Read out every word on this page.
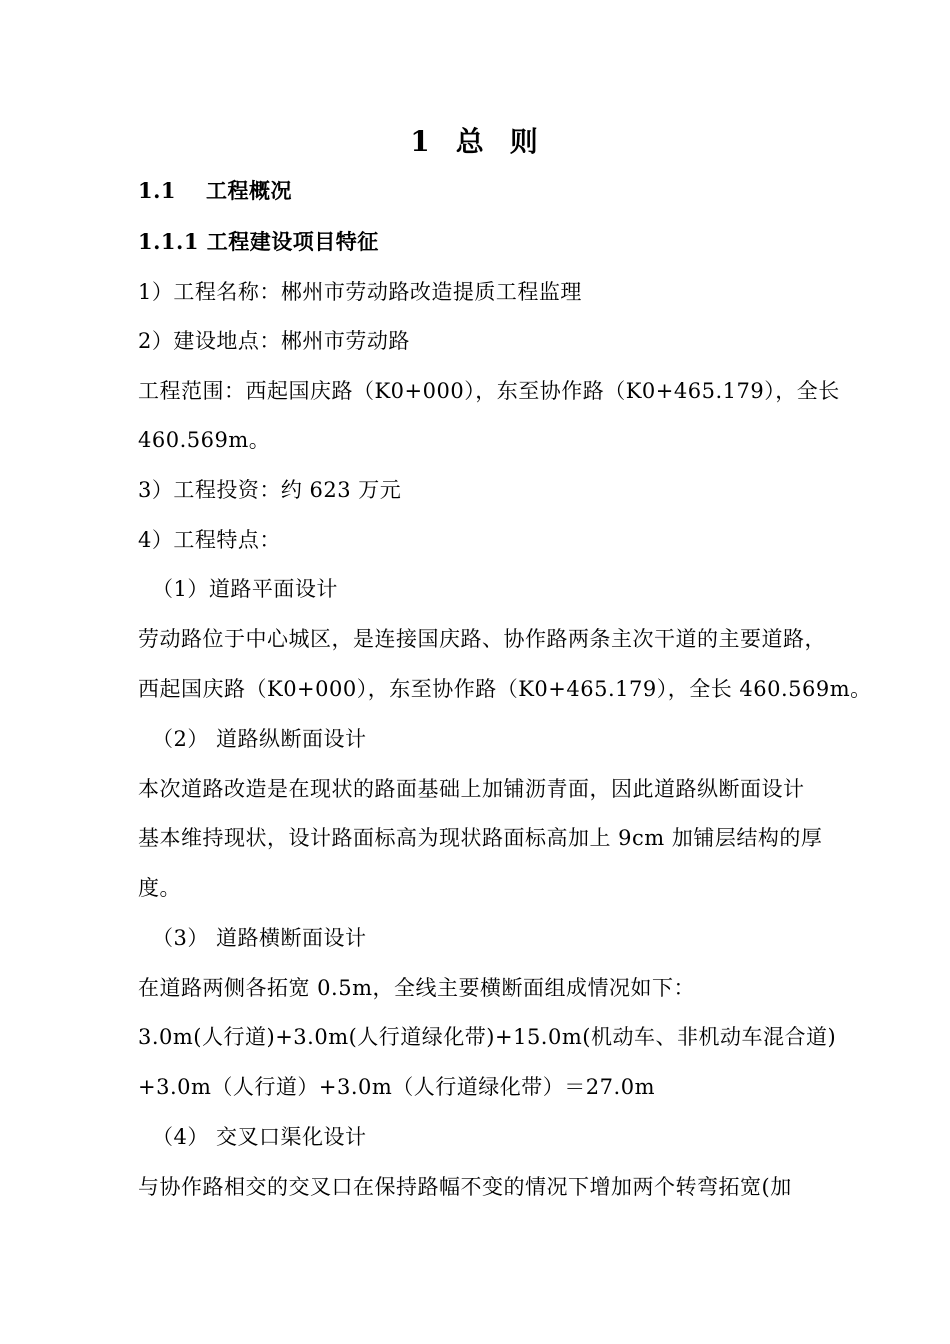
1 总 则
1.1 工程概况
1.1.1 工程建设项目特征
1）工程名称：郴州市劳动路改造提质工程监理
2）建设地点：郴州市劳动路
工程范围：西起国庆路（K0+000），东至协作路（K0+465.179），全长
460.569m。
3）工程投资：约 623 万元
4）工程特点：
（1）道路平面设计
劳动路位于中心城区，是连接国庆路、协作路两条主次干道的主要道路，
西起国庆路（K0+000），东至协作路（K0+465.179），全长 460.569m。
（2） 道路纵断面设计
本次道路改造是在现状的路面基础上加铺沥青面，因此道路纵断面设计
基本维持现状，设计路面标高为现状路面标高加上 9cm 加铺层结构的厚
度。
（3） 道路横断面设计
在道路两侧各拓宽 0.5m，全线主要横断面组成情况如下：
3.0m(人行道)+3.0m(人行道绿化带)+15.0m(机动车、非机动车混合道)
+3.0m（人行道）+3.0m（人行道绿化带）＝27.0m
（4） 交叉口渠化设计
与协作路相交的交叉口在保持路幅不变的情况下增加两个转弯拓宽(加
